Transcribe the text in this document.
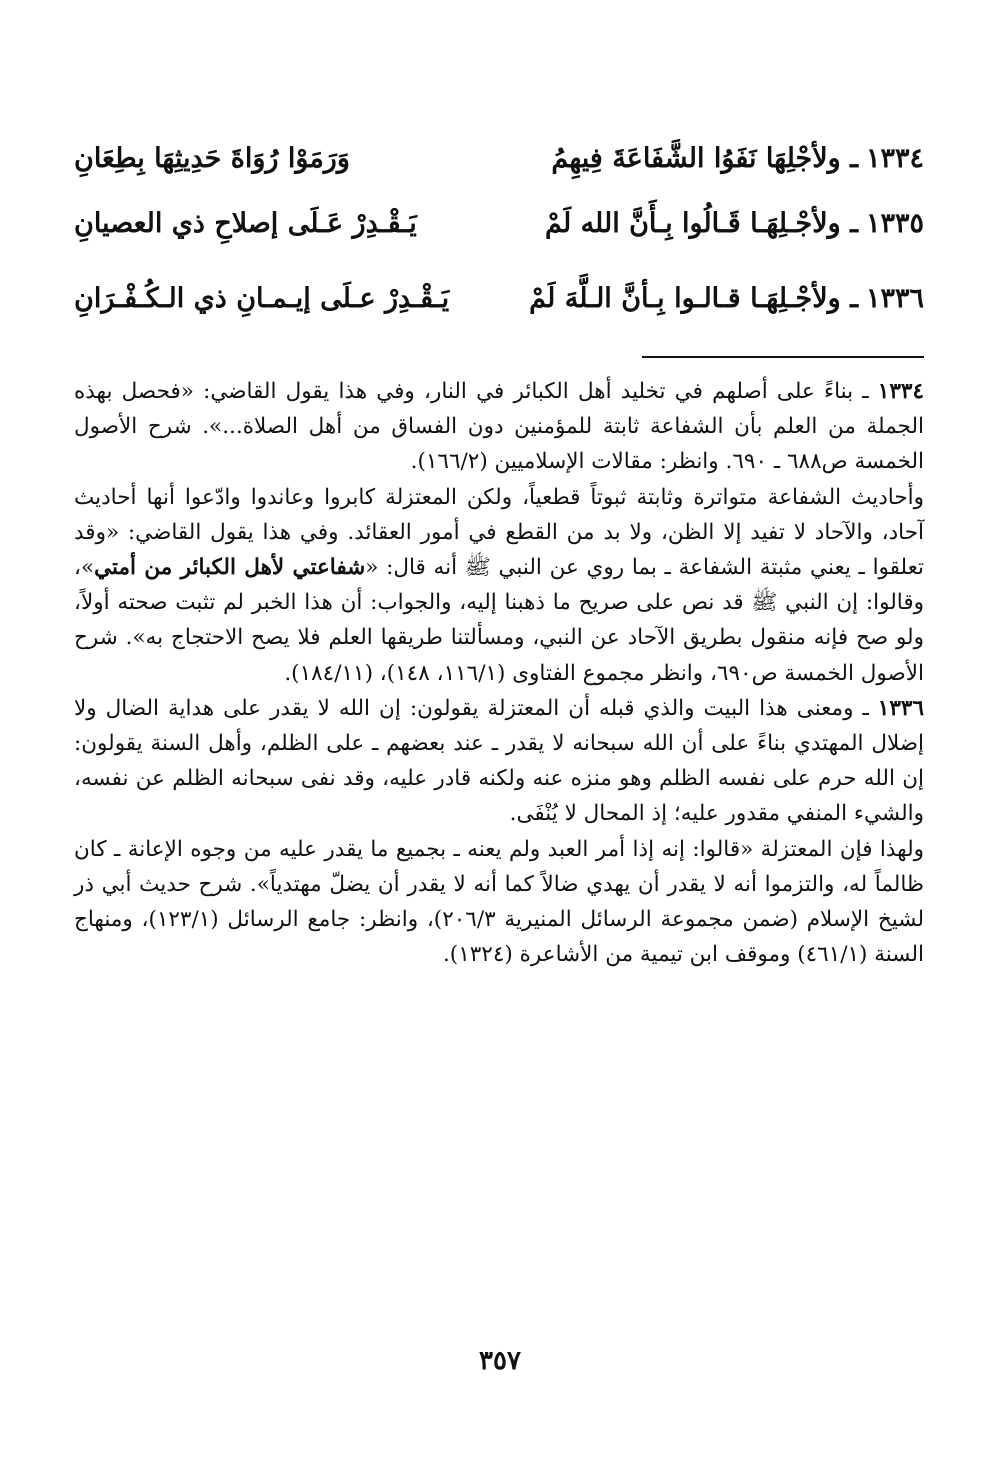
١٣٣٤ـ ولأجْلِهَا نَفَوُا الشَّفَاعَةَ فِيهِمُ
وَرَمَوْا رُوَاةَ حَدِيثِهَا بِطِعَانِ
١٣٣٥ـ ولأجْـلِهَـا قَـالُوا بِـأَنَّ الله لَمْ
يَـقْـدِرْ عَـلَى إصلاحِ ذي العصيانِ
١٣٣٦ـ ولأجْـلِهَـا قـالـوا بِـأنَّ الـلَّهَ لَمْ
يَـقْـدِرْ عـلَى إيـمـانِ ذي الـكُـفْـرَانِ

١٣٣٤ ـ بناءً على أصلهم في تخليد أهل الكبائر في النار، وفي هذا يقول القاضي: «فحصل بهذه الجملة من العلم بأن الشفاعة ثابتة للمؤمنين دون الفساق من أهل الصلاة...». شرح الأصول الخمسة ص٦٨٨ ـ ٦٩٠. وانظر: مقالات الإسلاميين (١٦٦/٢).

وأحاديث الشفاعة متواترة وثابتة ثبوتاً قطعياً، ولكن المعتزلة كابروا وعاندوا وادّعوا أنها أحاديث آحاد، والآحاد لا تفيد إلا الظن، ولا بد من القطع في أمور العقائد. وفي هذا يقول القاضي: «وقد تعلقوا ـ يعني مثبتة الشفاعة ـ بما روي عن النبي ﷺ أنه قال: «شفاعتي لأهل الكبائر من أمتي»، وقالوا: إن النبي ﷺ قد نص على صريح ما ذهبنا إليه، والجواب: أن هذا الخبر لم تثبت صحته أولاً، ولو صح فإنه منقول بطريق الآحاد عن النبي، ومسألتنا طريقها العلم فلا يصح الاحتجاج به». شرح الأصول الخمسة ص٦٩٠، وانظر مجموع الفتاوى (١١٦/١، ١٤٨)، (١٨٤/١١).

١٣٣٦ ـ ومعنى هذا البيت والذي قبله أن المعتزلة يقولون: إن الله لا يقدر على هداية الضال ولا إضلال المهتدي بناءً على أن الله سبحانه لا يقدر ـ عند بعضهم ـ على الظلم، وأهل السنة يقولون: إن الله حرم على نفسه الظلم وهو منزه عنه ولكنه قادر عليه، وقد نفى سبحانه الظلم عن نفسه، والشيء المنفي مقدور عليه؛ إذ المحال لا يُنْفَى.

ولهذا فإن المعتزلة «قالوا: إنه إذا أمر العبد ولم يعنه ـ بجميع ما يقدر عليه من وجوه الإعانة ـ كان ظالماً له، والتزموا أنه لا يقدر أن يهدي ضالاً كما أنه لا يقدر أن يضلّ مهتدياً». شرح حديث أبي ذر لشيخ الإسلام (ضمن مجموعة الرسائل المنيرية ٢٠٦/٣)، وانظر: جامع الرسائل (١٢٣/١)، ومنهاج السنة (٤٦١/١) وموقف ابن تيمية من الأشاعرة (١٣٢٤).

٣٥٧
